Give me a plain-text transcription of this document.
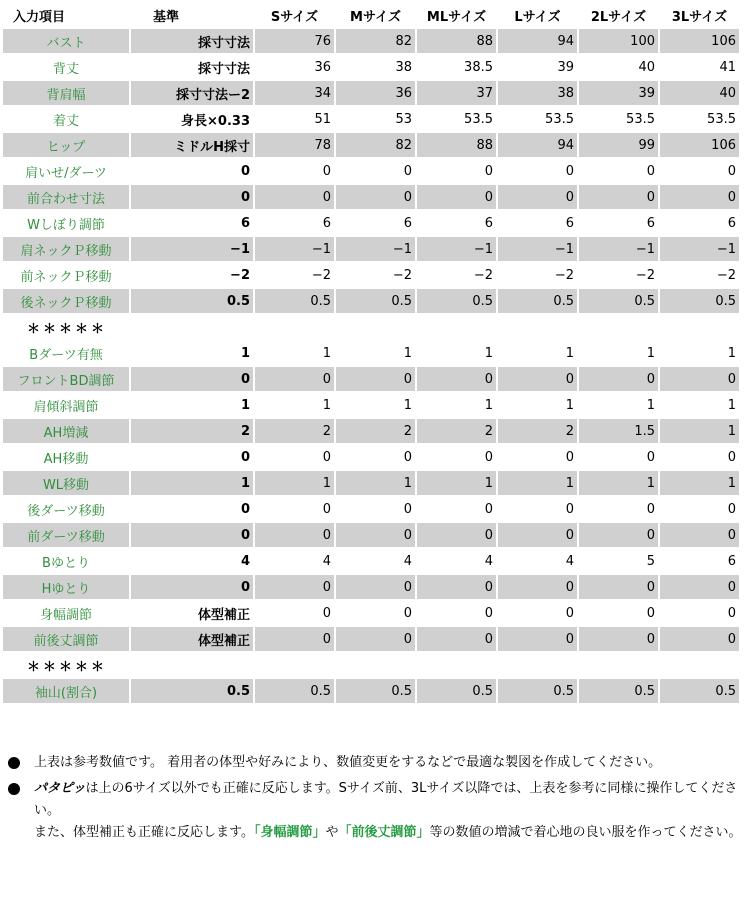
入力項目	基準	Sサイズ	Mサイズ	MLサイズ	Lサイズ	2Lサイズ	3Lサイズ
バスト	採寸寸法	76	82	88	94	100	106
背丈	採寸寸法	36	38	38.5	39	40	41
背肩幅	採寸寸法ー2	34	36	37	38	39	40
着丈	身長×0.33	51	53	53.5	53.5	53.5	53.5
ヒップ	ミドルH採寸	78	82	88	94	99	106
肩いせ/ダーツ	0	0	0	0	0	0	0
前合わせ寸法	0	0	0	0	0	0	0
Wしぼり調節	6	6	6	6	6	6	6
肩ネックＰ移動	−1	−1	−1	−1	−1	−1	−1
前ネックＰ移動	−2	−2	−2	−2	−2	−2	−2
後ネックＰ移動	0.5	0.5	0.5	0.5	0.5	0.5	0.5
＊＊＊＊＊							
Bダーツ有無	1	1	1	1	1	1	1
フロントBD調節	0	0	0	0	0	0	0
肩傾斜調節	1	1	1	1	1	1	1
AH増減	2	2	2	2	2	1.5	1
AH移動	0	0	0	0	0	0	0
WL移動	1	1	1	1	1	1	1
後ダーツ移動	0	0	0	0	0	0	0
前ダーツ移動	0	0	0	0	0	0	0
Bゆとり	4	4	4	4	4	5	6
Hゆとり	0	0	0	0	0	0	0
身幅調節	体型補正	0	0	0	0	0	0
前後丈調節	体型補正	0	0	0	0	0	0
＊＊＊＊＊							
袖山(割合)	0.5	0.5	0.5	0.5	0.5	0.5	0.5
上表は参考数値です。 着用者の体型や好みにより、数値変更をするなどで最適な製図を作成してください。
パタピッは上の6サイズ以外でも正確に反応します。Sサイズ前、3Lサイズ以降では、上表を参考に同様に操作してください。
また、体型補正も正確に反応します。「身幅調節」や「前後丈調節」等の数値の増減で着心地の良い服を作ってください。
